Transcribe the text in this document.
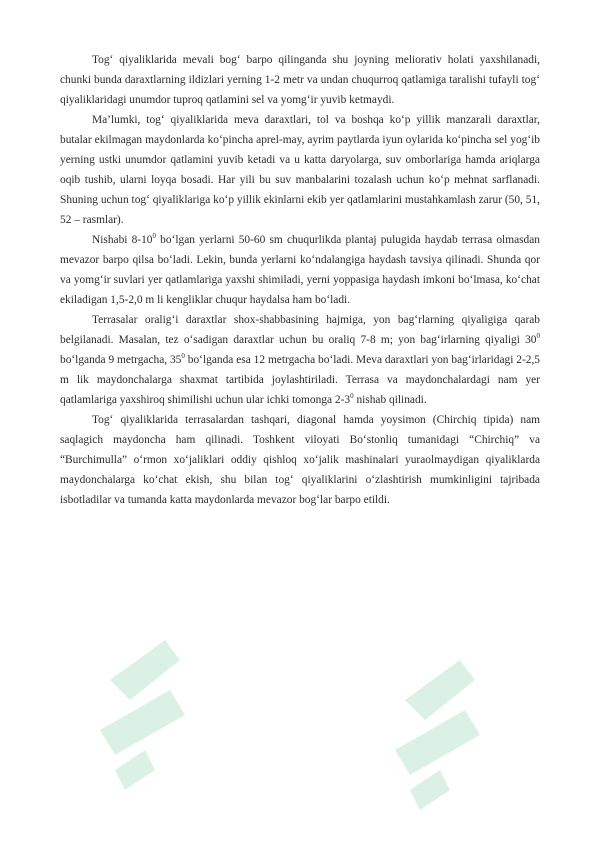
Tog‘ qiyaliklarida mevali bog‘ barpo qilinganda shu joyning meliorativ holati yaxshilanadi, chunki bunda daraxtlarning ildizlari yerning 1-2 metr va undan chuqurroq qatlamiga taralishi tufayli tog‘ qiyaliklaridagi unumdor tuproq qatlamini sel va yomg‘ir yuvib ketmaydi.

Ma’lumki, tog‘ qiyaliklarida meva daraxtlari, tol va boshqa ko‘p yillik manzarali daraxtlar, butalar ekilmagan maydonlarda ko‘pincha aprel-may, ayrim paytlarda iyun oylarida ko‘pincha sel yog‘ib yerning ustki unumdor qatlamini yuvib ketadi va u katta daryolarga, suv omborlariga hamda ariqlarga oqib tushib, ularni loyqa bosadi. Har yili bu suv manbalarini tozalash uchun ko‘p mehnat sarflanadi. Shuning uchun tog‘ qiyaliklariga ko‘p yillik ekinlarni ekib yer qatlamlarini mustahkamlash zarur (50, 51, 52 – rasmlar).

Nishabi $8-10^0$ bo‘lgan yerlarni 50-60 sm chuqurlikda plantaj pulugida haydab terrasa olmasdan mevazor barpo qilsa bo‘ladi. Lekin, bunda yerlarni ko‘ndalangiga haydash tavsiya qilinadi. Shunda qor va yomg‘ir suvlari yer qatlamlariga yaxshi shimiladi, yerni yoppasiga haydash imkoni bo‘lmasa, ko‘chat ekiladigan 1,5-2,0 m li kengliklar chuqur haydalsa ham bo‘ladi.

Terrasalar oralig‘i daraxtlar shox-shabbasining hajmiga, yon bag‘rlarning qiyaligiga qarab belgilanadi. Masalan, tez o‘sadigan daraxtlar uchun bu oraliq 7-8 m; yon bag‘irlarning qiyaligi $30^0$ bo‘lganda 9 metrgacha, $35^0$ bo‘lganda esa 12 metrgacha bo‘ladi. Meva daraxtlari yon bag‘irlaridagi 2-2,5 m lik maydonchalarga shaxmat tartibida joylashtiriladi. Terrasa va maydonchalardagi nam yer qatlamlariga yaxshiroq shimilishi uchun ular ichki tomonga $2-3^0$ nishab qilinadi.

Tog‘ qiyaliklarida terrasalardan tashqari, diagonal hamda yoysimon (Chirchiq tipida) nam saqlagich maydoncha ham qilinadi. Toshkent viloyati Bo‘stonliq tumanidagi “Chirchiq” va “Burchimulla” o‘rmon xo‘jaliklari oddiy qishloq xo‘jalik mashinalari yuraolmaydigan qiyaliklarda maydonchalarga ko‘chat ekish, shu bilan tog‘ qiyaliklarini o‘zlashtirish mumkinligini tajribada isbotladilar va tumanda katta maydonlarda mevazor bog‘lar barpo etildi.
